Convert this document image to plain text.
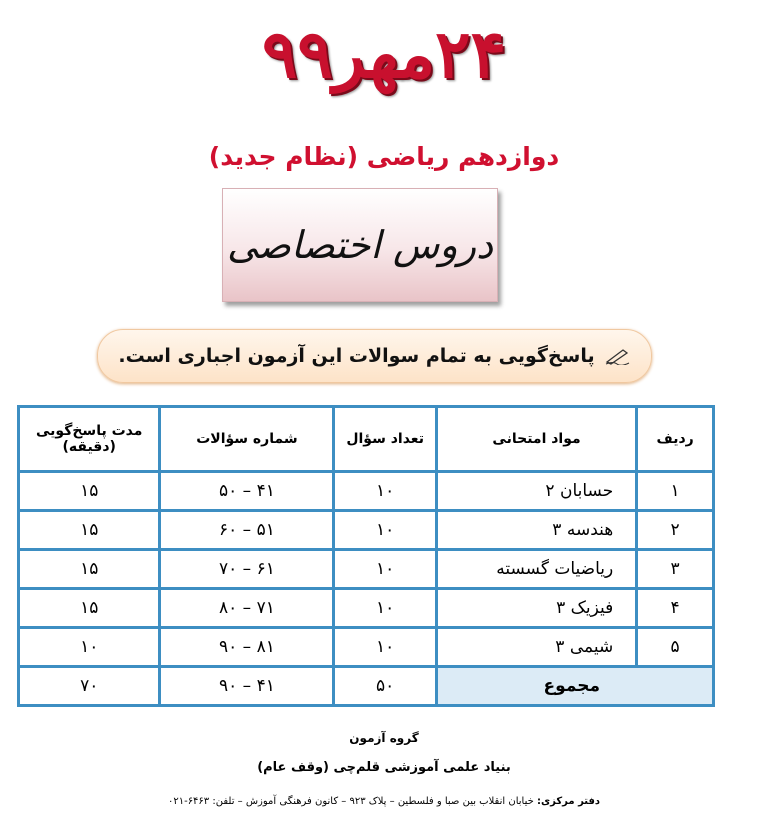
۲۴مهر۹۹
دوازدهم ریاضی (نظام جدید)
دروس اختصاصی
پاسخ‌گویی به تمام سوالات این آزمون اجباری است.
ردیف	مواد امتحانی	تعداد سؤال	شماره سؤالات	مدت پاسخ‌گویی
(دقیقه)

۱	حسابان ۲	۱۰	۴۱ – ۵۰	۱۵
۲	هندسه ۳	۱۰	۵۱ – ۶۰	۱۵
۳	ریاضیات گسسته	۱۰	۶۱ – ۷۰	۱۵
۴	فیزیک ۳	۱۰	۷۱ – ۸۰	۱۵
۵	شیمی ۳	۱۰	۸۱ – ۹۰	۱۰
مجموع		۵۰	۴۱ – ۹۰	۷۰
گروه آزمون
بنیاد علمی آموزشی قلم‌چی (وقف عام)
دفتر مرکزی: خیابان انقلاب بین صبا و فلسطین – پلاک ۹۲۳ – کانون فرهنگی آموزش – تلفن: ۶۴۶۳-۰۲۱
